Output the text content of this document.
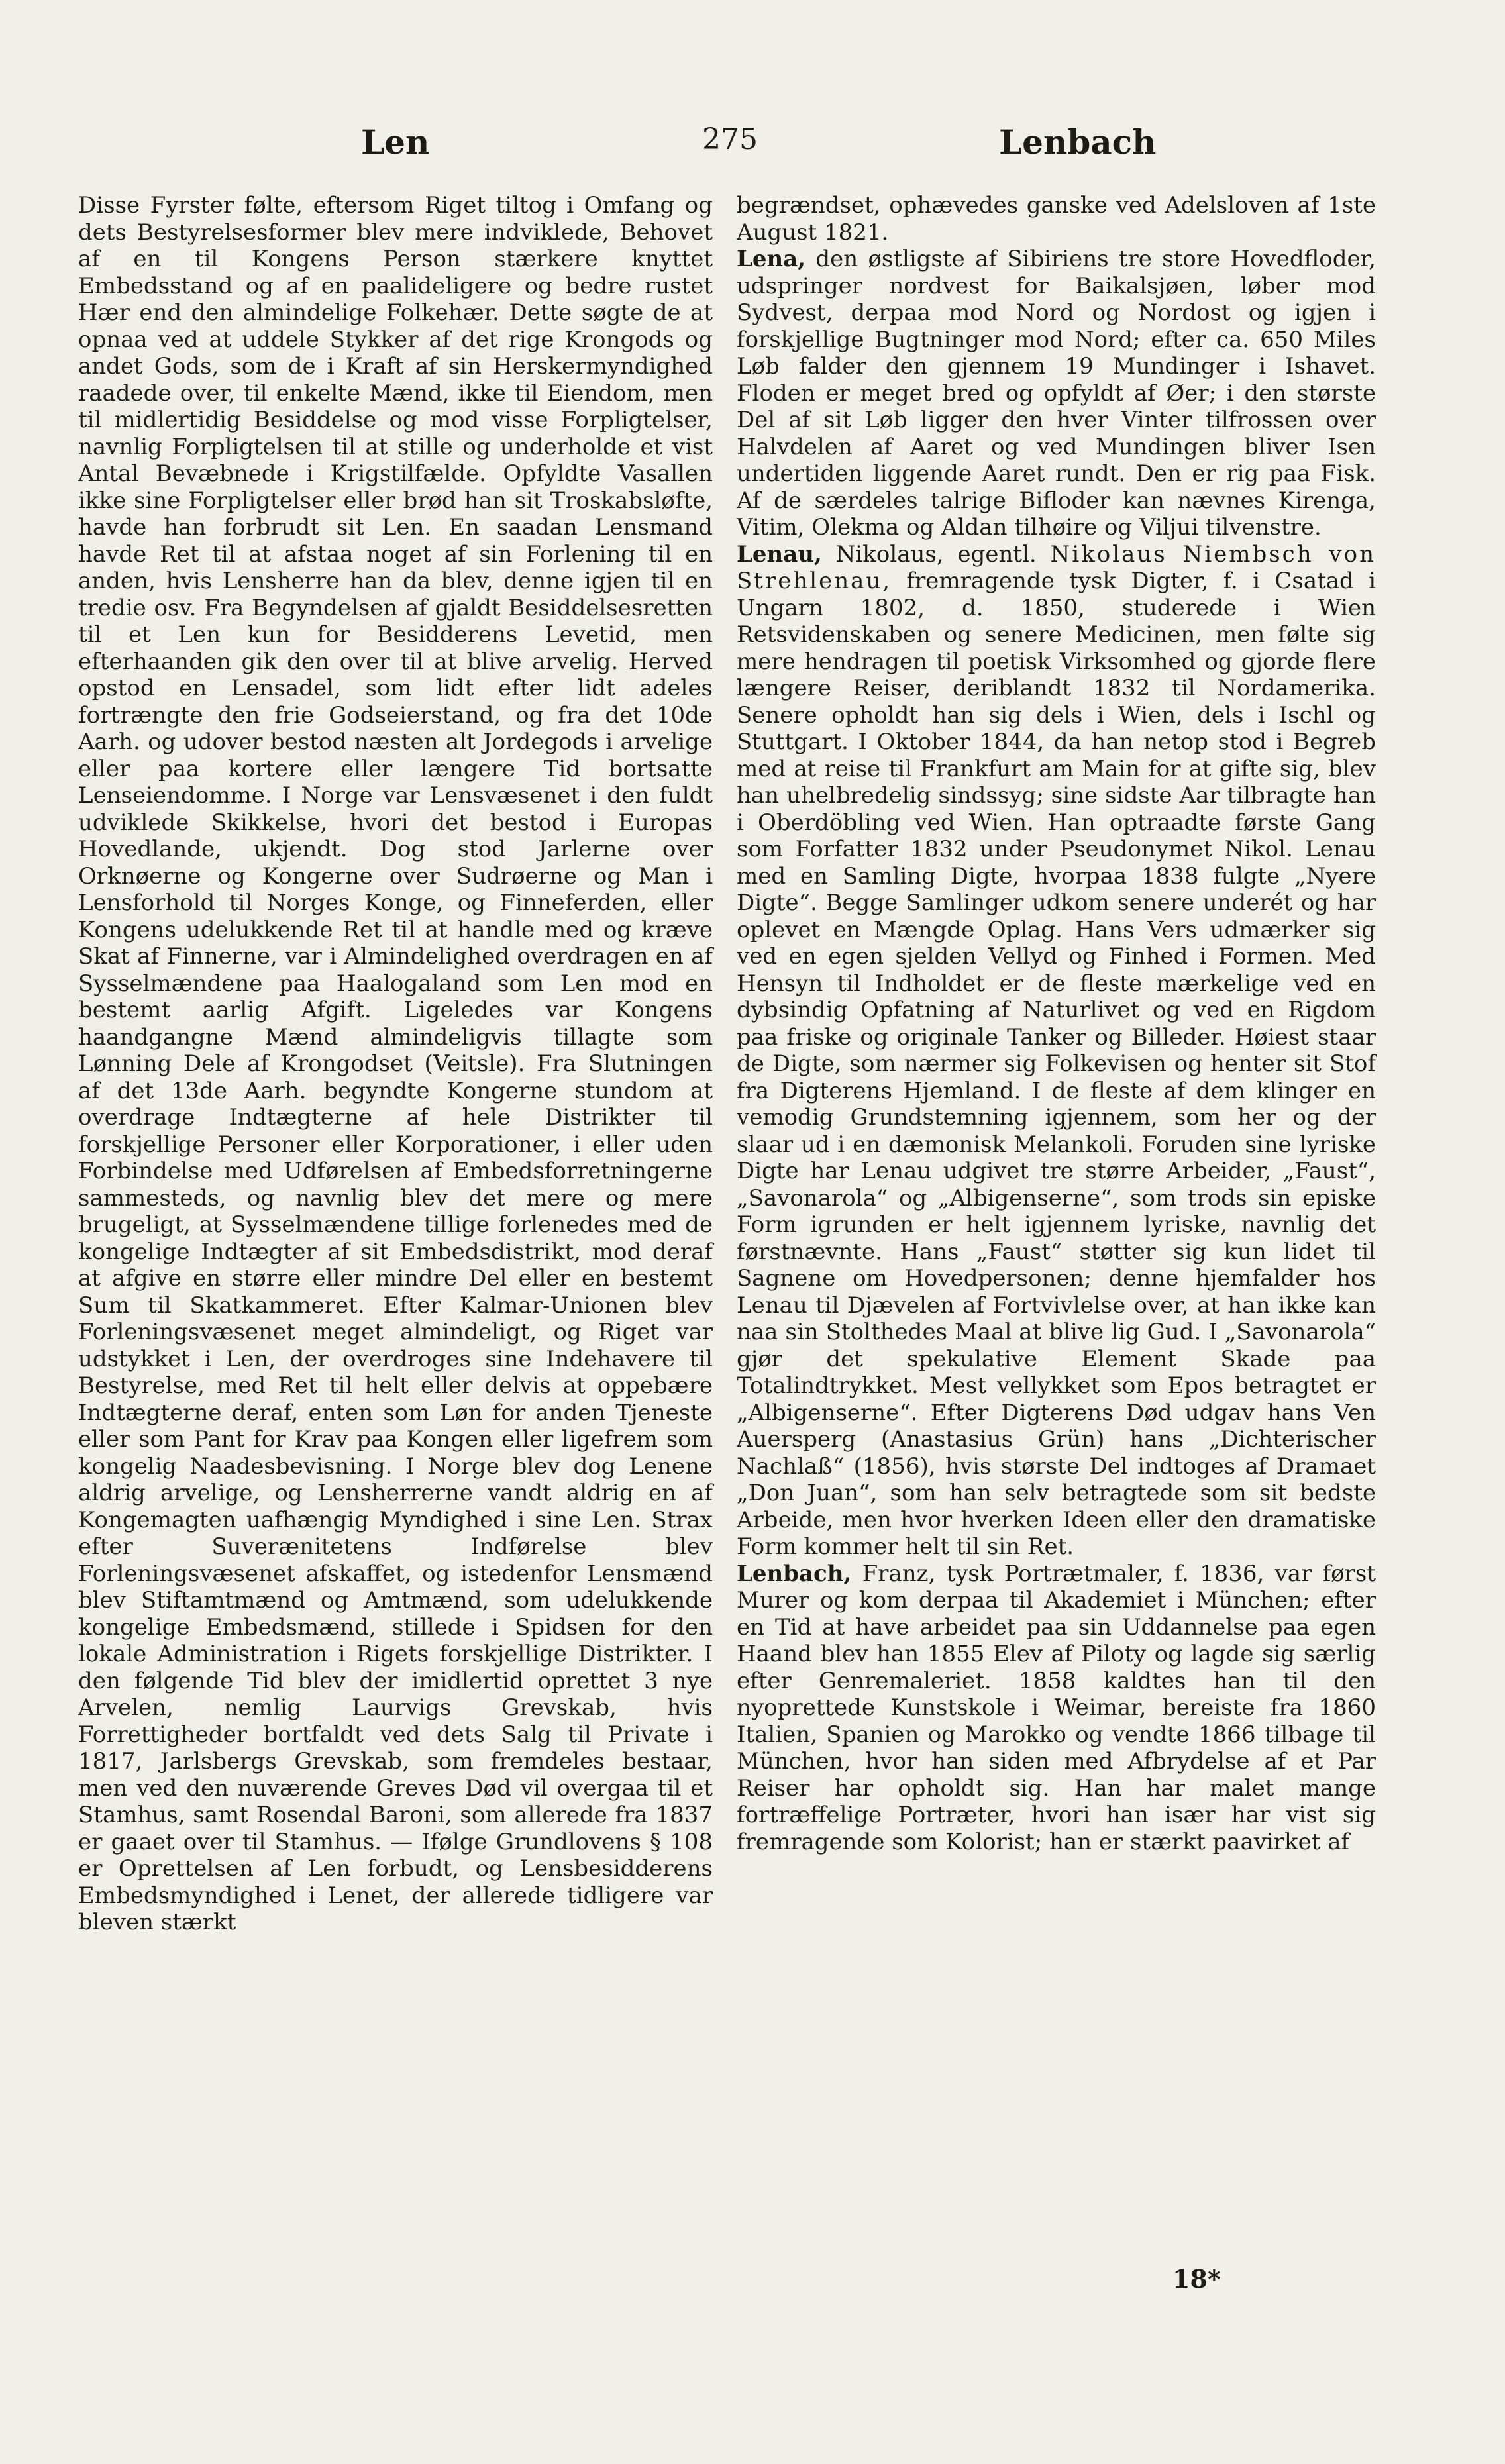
Len	275	Lenbach

Disse Fyrster følte, eftersom Riget tiltog i Omfang og dets Bestyrelsesformer blev mere indviklede, Behovet af en til Kongens Person stærkere knyttet Embedsstand og af en paalideligere og bedre rustet Hær end den almindelige Folkehær. Dette søgte de at opnaa ved at uddele Stykker af det rige Krongods og andet Gods, som de i Kraft af sin Herskermyndighed raadede over, til enkelte Mænd, ikke til Eiendom, men til midlertidig Besiddelse og mod visse Forpligtelser, navnlig Forpligtelsen til at stille og underholde et vist Antal Bevæbnede i Krigstilfælde. Opfyldte Vasallen ikke sine Forpligtelser eller brød han sit Troskabsløfte, havde han forbrudt sit Len. En saadan Lensmand havde Ret til at afstaa noget af sin Forlening til en anden, hvis Lensherre han da blev, denne igjen til en tredie osv. Fra Begyndelsen af gjaldt Besiddelsesretten til et Len kun for Besidderens Levetid, men efterhaanden gik den over til at blive arvelig. Herved opstod en Lensadel, som lidt efter lidt adeles fortrængte den frie Godseierstand, og fra det 10de Aarh. og udover bestod næsten alt Jordegods i arvelige eller paa kortere eller længere Tid bortsatte Lenseiendomme. I Norge var Lensvæsenet i den fuldt udviklede Skikkelse, hvori det bestod i Europas Hovedlande, ukjendt. Dog stod Jarlerne over Orknøerne og Kongerne over Sudrøerne og Man i Lensforhold til Norges Konge, og Finneferden, eller Kongens udelukkende Ret til at handle med og kræve Skat af Finnerne, var i Almindelighed overdragen en af Sysselmændene paa Haalogaland som Len mod en bestemt aarlig Afgift. Ligeledes var Kongens haandgangne Mænd almindeligvis tillagte som Lønning Dele af Krongodset (Veitsle). Fra Slutningen af det 13de Aarh. begyndte Kongerne stundom at overdrage Indtægterne af hele Distrikter til forskjellige Personer eller Korporationer, i eller uden Forbindelse med Udførelsen af Embedsforretningerne sammesteds, og navnlig blev det mere og mere brugeligt, at Sysselmændene tillige forlenedes med de kongelige Indtægter af sit Embedsdistrikt, mod deraf at afgive en større eller mindre Del eller en bestemt Sum til Skatkammeret. Efter Kalmar-Unionen blev Forleningsvæsenet meget almindeligt, og Riget var udstykket i Len, der overdroges sine Indehavere til Bestyrelse, med Ret til helt eller delvis at oppebære Indtægterne deraf, enten som Løn for anden Tjeneste eller som Pant for Krav paa Kongen eller ligefrem som kongelig Naadesbevisning. I Norge blev dog Lenene aldrig arvelige, og Lensherrerne vandt aldrig en af Kongemagten uafhængig Myndighed i sine Len. Strax efter Suverænitetens Indførelse blev Forleningsvæsenet afskaffet, og istedenfor Lensmænd blev Stiftamtmænd og Amtmænd, som udelukkende kongelige Embedsmænd, stillede i Spidsen for den lokale Administration i Rigets forskjellige Distrikter. I den følgende Tid blev der imidlertid oprettet 3 nye Arvelen, nemlig Laurvigs Grevskab, hvis Forrettigheder bortfaldt ved dets Salg til Private i 1817, Jarlsbergs Grevskab, som fremdeles bestaar, men ved den nuværende Greves Død vil overgaa til et Stamhus, samt Rosendal Baroni, som allerede fra 1837 er gaaet over til Stamhus. — Ifølge Grundlovens § 108 er Oprettelsen af Len forbudt, og Lensbesidderens Embedsmyndighed i Lenet, der allerede tidligere var bleven stærkt

begrændset, ophævedes ganske ved Adelsloven af 1ste August 1821.

Lena, den østligste af Sibiriens tre store Hovedfloder, udspringer nordvest for Baikalsjøen, løber mod Sydvest, derpaa mod Nord og Nordost og igjen i forskjellige Bugtninger mod Nord; efter ca. 650 Miles Løb falder den gjennem 19 Mundinger i Ishavet. Floden er meget bred og opfyldt af Øer; i den største Del af sit Løb ligger den hver Vinter tilfrossen over Halvdelen af Aaret og ved Mundingen bliver Isen undertiden liggende Aaret rundt. Den er rig paa Fisk. Af de særdeles talrige Bifloder kan nævnes Kirenga, Vitim, Olekma og Aldan tilhøire og Viljui tilvenstre.

Lenau, Nikolaus, egentl. Nikolaus Niembsch von Strehlenau, fremragende tysk Digter, f. i Csatad i Ungarn 1802, d. 1850, studerede i Wien Retsvidenskaben og senere Medicinen, men følte sig mere hendragen til poetisk Virksomhed og gjorde flere længere Reiser, deriblandt 1832 til Nordamerika. Senere opholdt han sig dels i Wien, dels i Ischl og Stuttgart. I Oktober 1844, da han netop stod i Begreb med at reise til Frankfurt am Main for at gifte sig, blev han uhelbredelig sindssyg; sine sidste Aar tilbragte han i Oberdöbling ved Wien. Han optraadte første Gang som Forfatter 1832 under Pseudonymet Nikol. Lenau med en Samling Digte, hvorpaa 1838 fulgte „Nyere Digte“. Begge Samlinger udkom senere underét og har oplevet en Mængde Oplag. Hans Vers udmærker sig ved en egen sjelden Vellyd og Finhed i Formen. Med Hensyn til Indholdet er de fleste mærkelige ved en dybsindig Opfatning af Naturlivet og ved en Rigdom paa friske og originale Tanker og Billeder. Høiest staar de Digte, som nærmer sig Folkevisen og henter sit Stof fra Digterens Hjemland. I de fleste af dem klinger en vemodig Grundstemning igjennem, som her og der slaar ud i en dæmonisk Melankoli. Foruden sine lyriske Digte har Lenau udgivet tre større Arbeider, „Faust“, „Savonarola“ og „Albigenserne“, som trods sin episke Form igrunden er helt igjennem lyriske, navnlig det førstnævnte. Hans „Faust“ støtter sig kun lidet til Sagnene om Hovedpersonen; denne hjemfalder hos Lenau til Djævelen af Fortvivlelse over, at han ikke kan naa sin Stolthedes Maal at blive lig Gud. I „Savonarola“ gjør det spekulative Element Skade paa Totalindtrykket. Mest vellykket som Epos betragtet er „Albigenserne“. Efter Digterens Død udgav hans Ven Auersperg (Anastasius Grün) hans „Dichterischer Nachlaß“ (1856), hvis største Del indtoges af Dramaet „Don Juan“, som han selv betragtede som sit bedste Arbeide, men hvor hverken Ideen eller den dramatiske Form kommer helt til sin Ret.

Lenbach, Franz, tysk Portrætmaler, f. 1836, var først Murer og kom derpaa til Akademiet i München; efter en Tid at have arbeidet paa sin Uddannelse paa egen Haand blev han 1855 Elev af Piloty og lagde sig særlig efter Genremaleriet. 1858 kaldtes han til den nyoprettede Kunstskole i Weimar, bereiste fra 1860 Italien, Spanien og Marokko og vendte 1866 tilbage til München, hvor han siden med Afbrydelse af et Par Reiser har opholdt sig. Han har malet mange fortræffelige Portræter, hvori han især har vist sig fremragende som Kolorist; han er stærkt paavirket af

18*
